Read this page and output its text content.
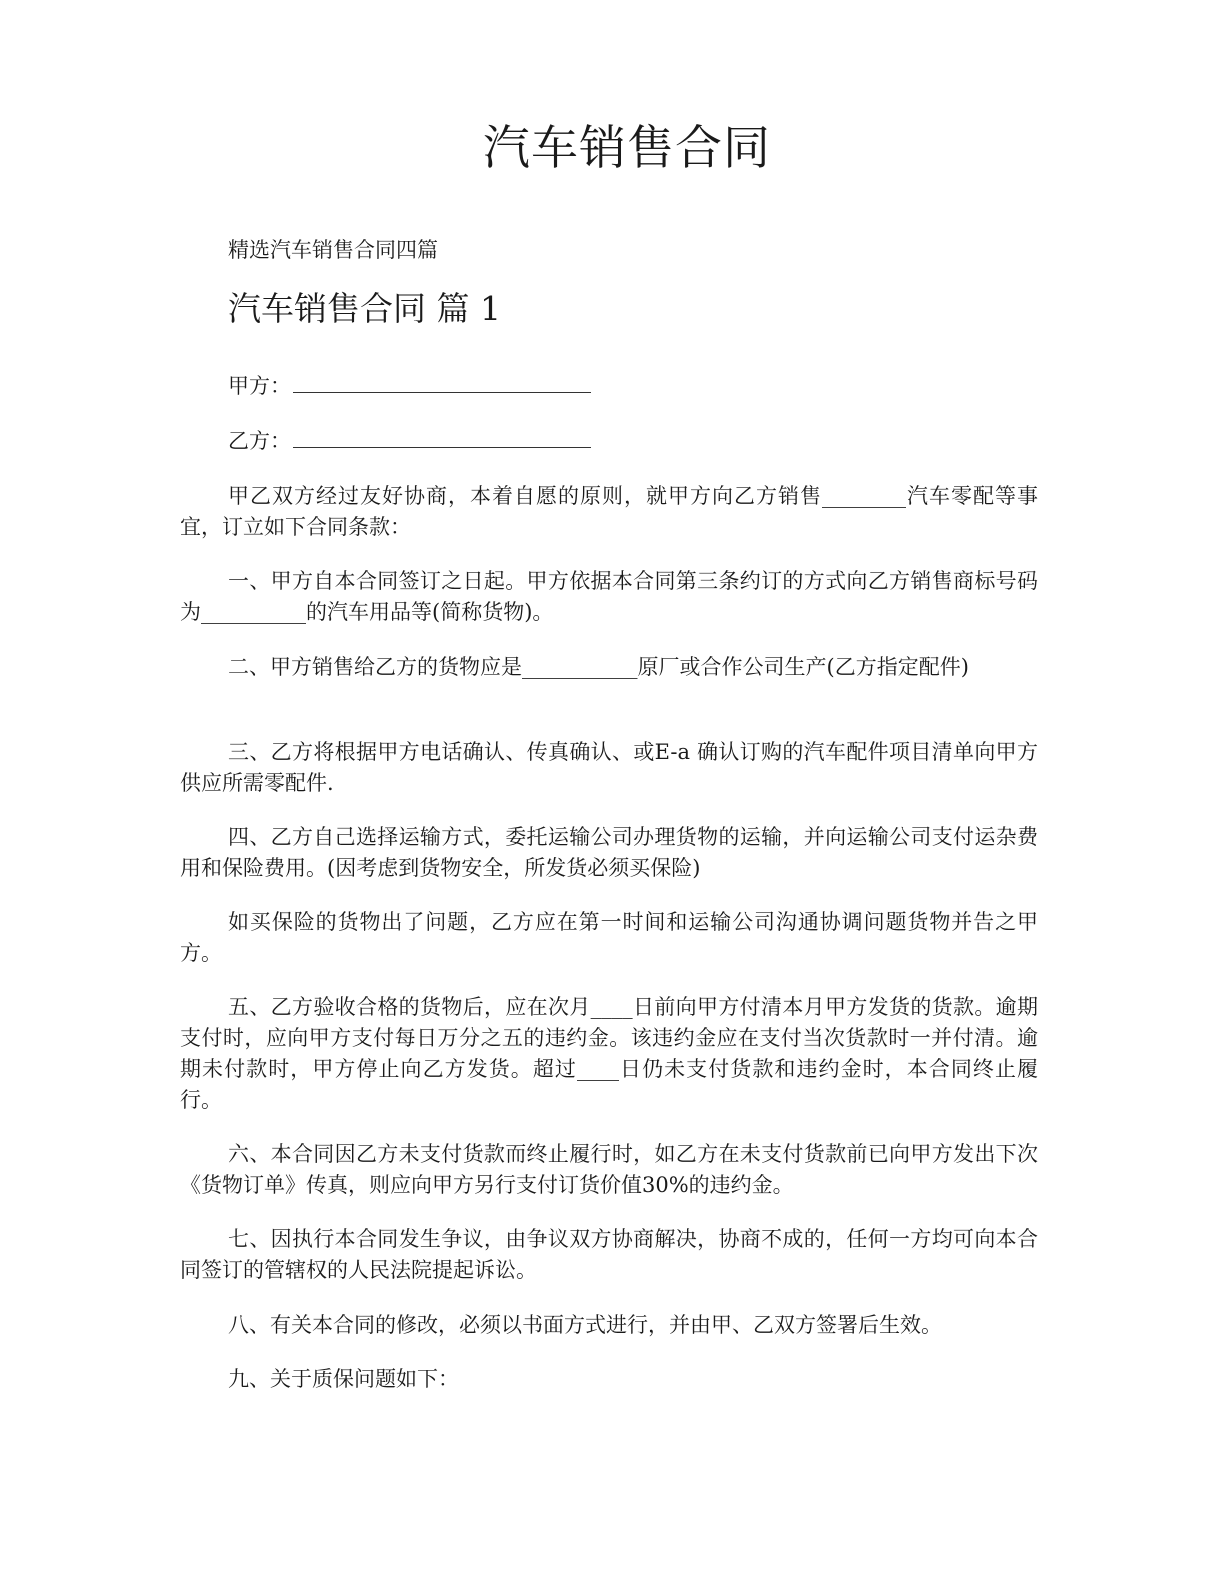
汽车销售合同

精选汽车销售合同四篇

汽车销售合同 篇 1

甲方：

乙方：

甲乙双方经过友好协商，本着自愿的原则，就甲方向乙方销售________汽车零配等事宜，订立如下合同条款：

一、甲方自本合同签订之日起。甲方依据本合同第三条约订的方式向乙方销售商标号码为__________的汽车用品等(简称货物)。

二、甲方销售给乙方的货物应是___________原厂或合作公司生产(乙方指定配件)

三、乙方将根据甲方电话确认、传真确认、或E-a 确认订购的汽车配件项目清单向甲方供应所需零配件.

四、乙方自己选择运输方式，委托运输公司办理货物的运输，并向运输公司支付运杂费用和保险费用。(因考虑到货物安全，所发货必须买保险)

如买保险的货物出了问题，乙方应在第一时间和运输公司沟通协调问题货物并告之甲方。

五、乙方验收合格的货物后，应在次月____日前向甲方付清本月甲方发货的货款。逾期支付时，应向甲方支付每日万分之五的违约金。该违约金应在支付当次货款时一并付清。逾期未付款时，甲方停止向乙方发货。超过____日仍未支付货款和违约金时，本合同终止履行。

六、本合同因乙方未支付货款而终止履行时，如乙方在未支付货款前已向甲方发出下次《货物订单》传真，则应向甲方另行支付订货价值30%的违约金。

七、因执行本合同发生争议，由争议双方协商解决，协商不成的，任何一方均可向本合同签订的管辖权的人民法院提起诉讼。

八、有关本合同的修改，必须以书面方式进行，并由甲、乙双方签署后生效。

九、关于质保问题如下：
